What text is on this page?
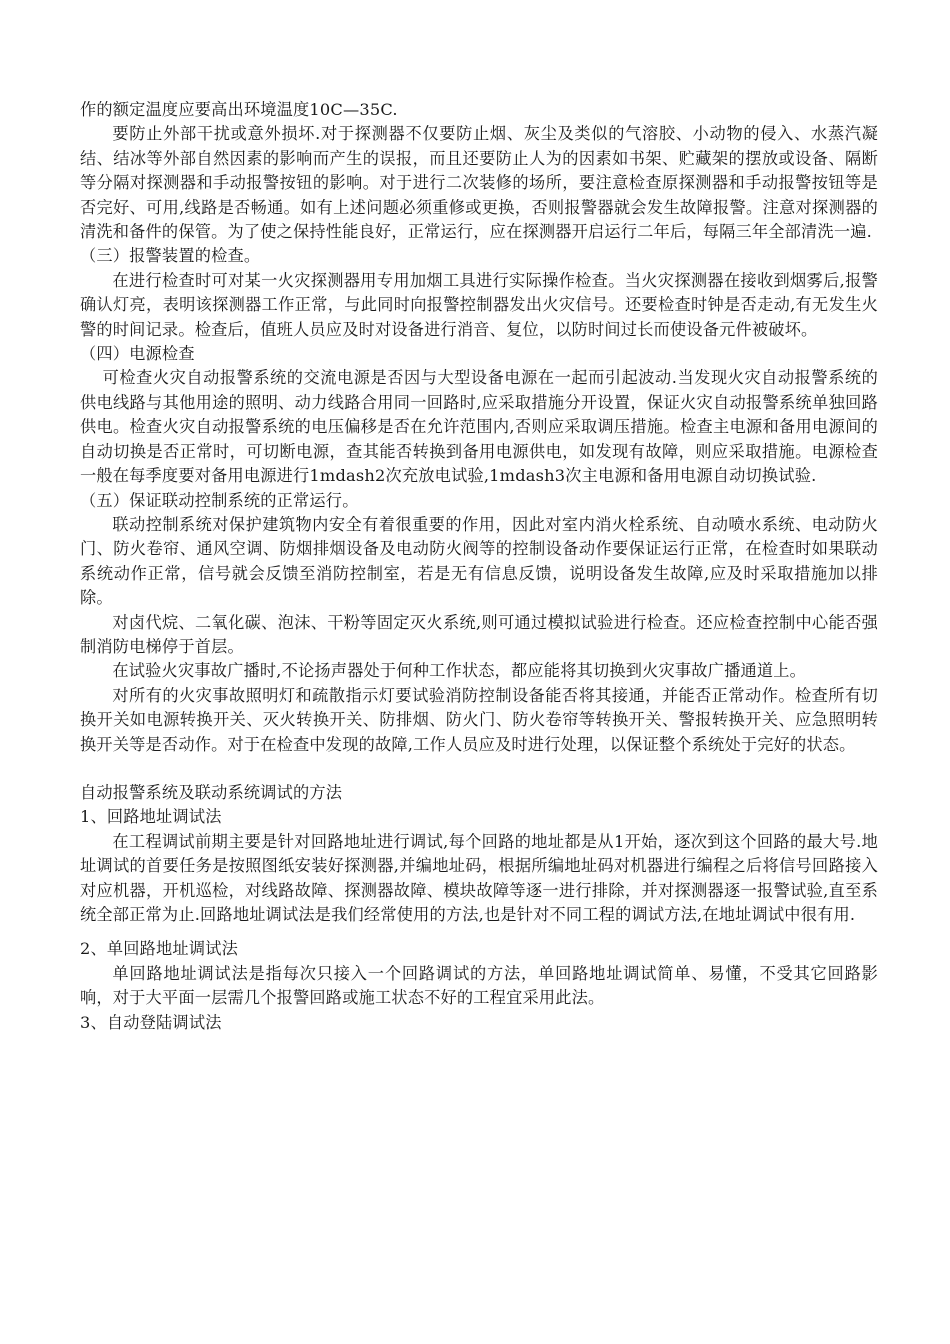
作的额定温度应要高出环境温度10C—35C.

要防止外部干扰或意外损坏.对于探测器不仅要防止烟、灰尘及类似的气溶胶、小动物的侵入、水蒸汽凝结、结冰等外部自然因素的影响而产生的误报，而且还要防止人为的因素如书架、贮藏架的摆放或设备、隔断等分隔对探测器和手动报警按钮的影响。对于进行二次装修的场所，要注意检查原探测器和手动报警按钮等是否完好、可用,线路是否畅通。如有上述问题必须重修或更换，否则报警器就会发生故障报警。注意对探测器的清洗和备件的保管。为了使之保持性能良好，正常运行，应在探测器开启运行二年后，每隔三年全部清洗一遍.

（三）报警装置的检查。

在进行检查时可对某一火灾探测器用专用加烟工具进行实际操作检查。当火灾探测器在接收到烟雾后,报警确认灯亮，表明该探测器工作正常，与此同时向报警控制器发出火灾信号。还要检查时钟是否走动,有无发生火警的时间记录。检查后，值班人员应及时对设备进行消音、复位，以防时间过长而使设备元件被破坏。

（四）电源检查

可检查火灾自动报警系统的交流电源是否因与大型设备电源在一起而引起波动.当发现火灾自动报警系统的供电线路与其他用途的照明、动力线路合用同一回路时,应采取措施分开设置，保证火灾自动报警系统单独回路供电。检查火灾自动报警系统的电压偏移是否在允许范围内,否则应采取调压措施。检查主电源和备用电源间的自动切换是否正常时，可切断电源，查其能否转换到备用电源供电，如发现有故障，则应采取措施。电源检查一般在每季度要对备用电源进行1mdash2次充放电试验,1mdash3次主电源和备用电源自动切换试验.

（五）保证联动控制系统的正常运行。

联动控制系统对保护建筑物内安全有着很重要的作用，因此对室内消火栓系统、自动喷水系统、电动防火门、防火卷帘、通风空调、防烟排烟设备及电动防火阀等的控制设备动作要保证运行正常，在检查时如果联动系统动作正常，信号就会反馈至消防控制室，若是无有信息反馈，说明设备发生故障,应及时采取措施加以排除。

对卤代烷、二氧化碳、泡沫、干粉等固定灭火系统,则可通过模拟试验进行检查。还应检查控制中心能否强制消防电梯停于首层。

在试验火灾事故广播时,不论扬声器处于何种工作状态，都应能将其切换到火灾事故广播通道上。

对所有的火灾事故照明灯和疏散指示灯要试验消防控制设备能否将其接通，并能否正常动作。检查所有切换开关如电源转换开关、灭火转换开关、防排烟、防火门、防火卷帘等转换开关、警报转换开关、应急照明转换开关等是否动作。对于在检查中发现的故障,工作人员应及时进行处理，以保证整个系统处于完好的状态。

自动报警系统及联动系统调试的方法

1、回路地址调试法

在工程调试前期主要是针对回路地址进行调试,每个回路的地址都是从1开始，逐次到这个回路的最大号.地址调试的首要任务是按照图纸安装好探测器,并编地址码，根据所编地址码对机器进行编程之后将信号回路接入对应机器，开机巡检，对线路故障、探测器故障、模块故障等逐一进行排除，并对探测器逐一报警试验,直至系统全部正常为止.回路地址调试法是我们经常使用的方法,也是针对不同工程的调试方法,在地址调试中很有用.

2、单回路地址调试法

单回路地址调试法是指每次只接入一个回路调试的方法，单回路地址调试简单、易懂，不受其它回路影响，对于大平面一层需几个报警回路或施工状态不好的工程宜采用此法。

3、自动登陆调试法
